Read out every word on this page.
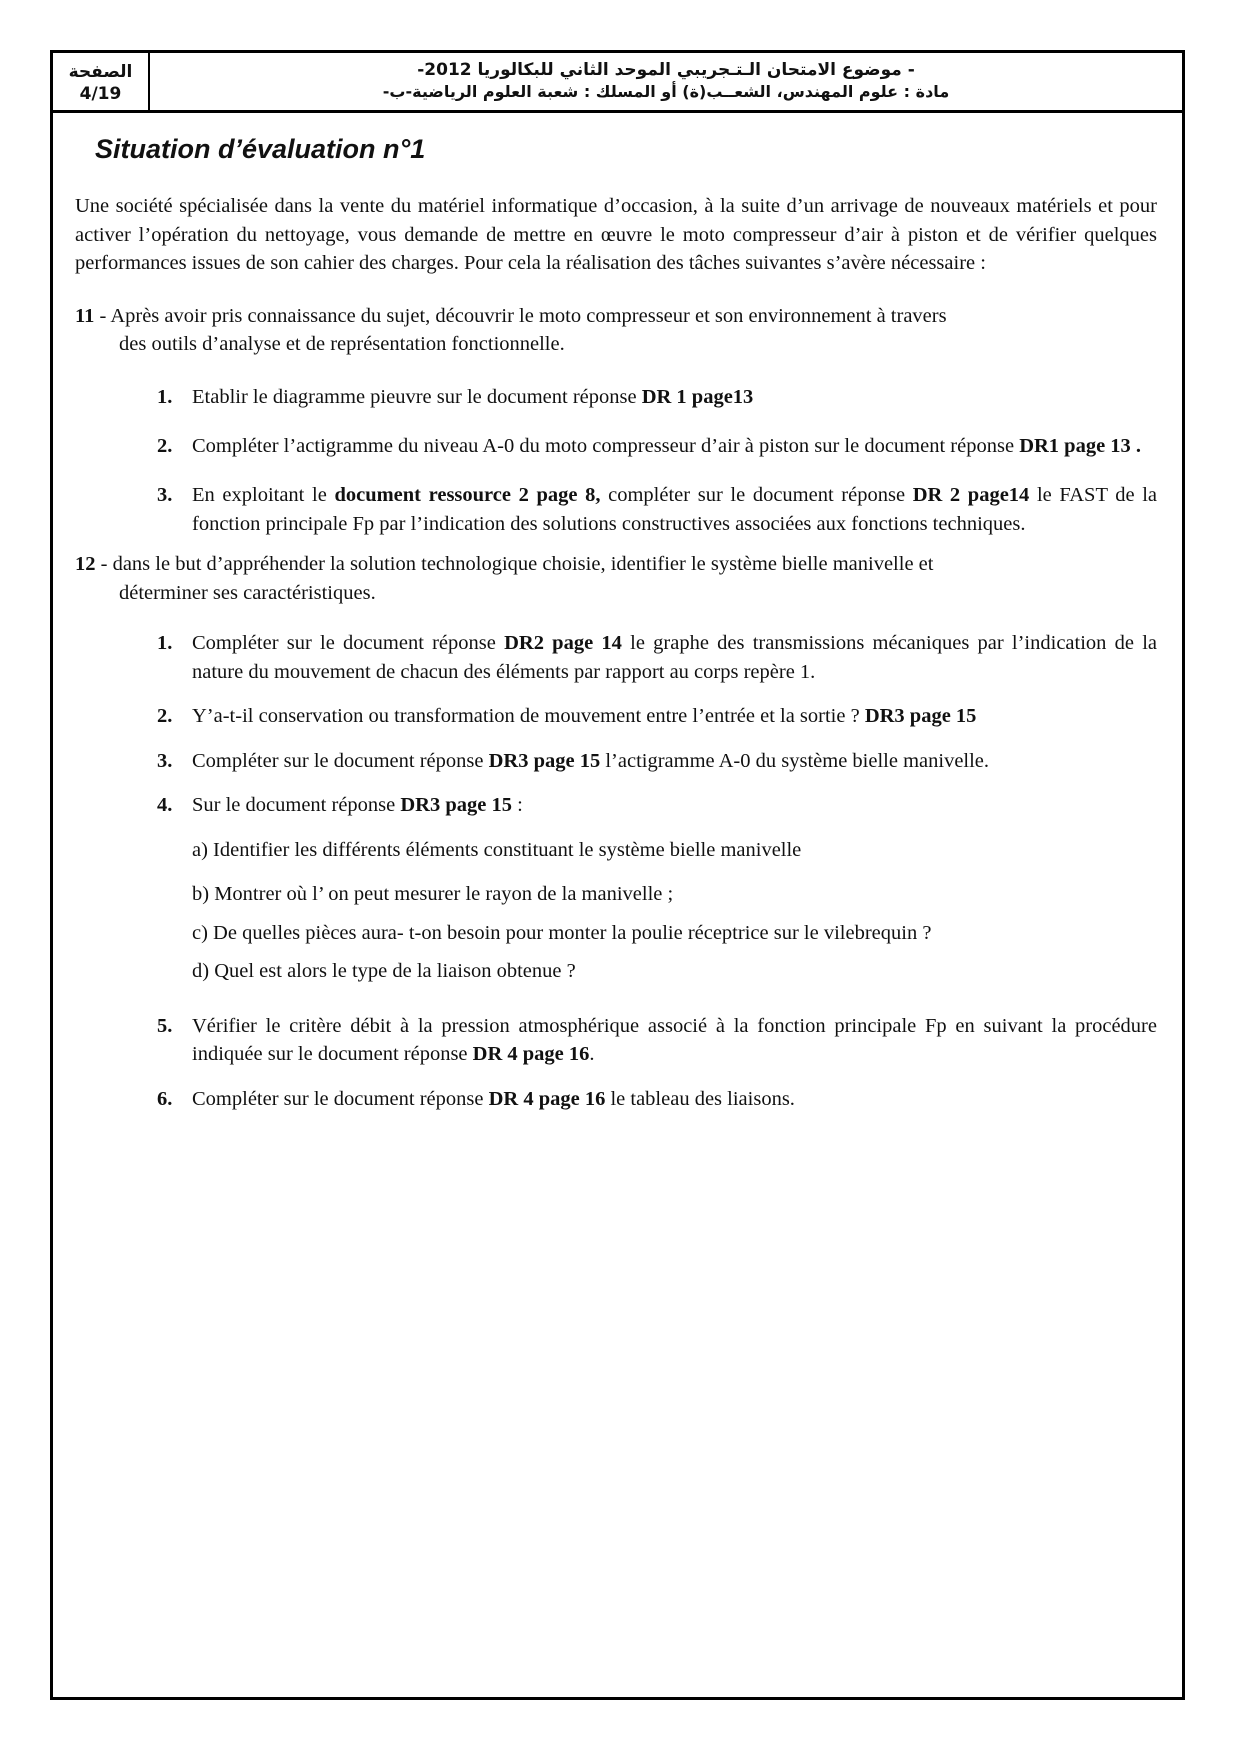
الصفحة
4/19
- موضوع الامتحان الـتـجريبي الموحد الثاني للبكالوريا 2012-
مادة : علوم المهندس، الشعــب(ة) أو المسلك : شعبة العلوم الرياضية-ب-
Situation d’évaluation n°1

Une société spécialisée dans la vente du matériel informatique d’occasion, à la suite d’un arrivage de nouveaux matériels et pour activer l’opération du nettoyage, vous demande de mettre en œuvre le moto compresseur d’air à piston et de vérifier quelques performances issues de son cahier des charges. Pour cela la réalisation des tâches suivantes s’avère nécessaire :

11 - Après avoir pris connaissance du sujet, découvrir le moto compresseur et son environnement à travers
des outils d’analyse et de représentation fonctionnelle.
1. Etablir le diagramme pieuvre sur le document réponse DR 1 page13
2. Compléter l’actigramme du niveau A-0 du moto compresseur d’air à piston sur le document réponse DR1 page 13 .
3. En exploitant le document ressource 2 page 8, compléter sur le document réponse DR 2 page14 le FAST de la fonction principale Fp par l’indication des solutions constructives associées aux fonctions techniques.
12 - dans le but d’appréhender la solution technologique choisie, identifier le système bielle manivelle et
déterminer ses caractéristiques.
1. Compléter sur le document réponse DR2 page 14 le graphe des transmissions mécaniques par l’indication de la nature du mouvement de chacun des éléments par rapport au corps repère 1.
2. Y’a-t-il conservation ou transformation de mouvement entre l’entrée et la sortie ? DR3 page 15
3. Compléter sur le document réponse DR3 page 15 l’actigramme A-0 du système bielle manivelle.
4. Sur le document réponse DR3 page 15 :
a) Identifier les différents éléments constituant le système bielle manivelle
b) Montrer où l’ on peut mesurer le rayon de la manivelle ;
c) De quelles pièces aura- t-on besoin pour monter la poulie réceptrice sur le vilebrequin ?
d) Quel est alors le type de la liaison obtenue ?
5. Vérifier le critère débit à la pression atmosphérique associé à la fonction principale Fp en suivant la procédure indiquée sur le document réponse DR 4 page 16.
6. Compléter sur le document réponse DR 4 page 16 le tableau des liaisons.
